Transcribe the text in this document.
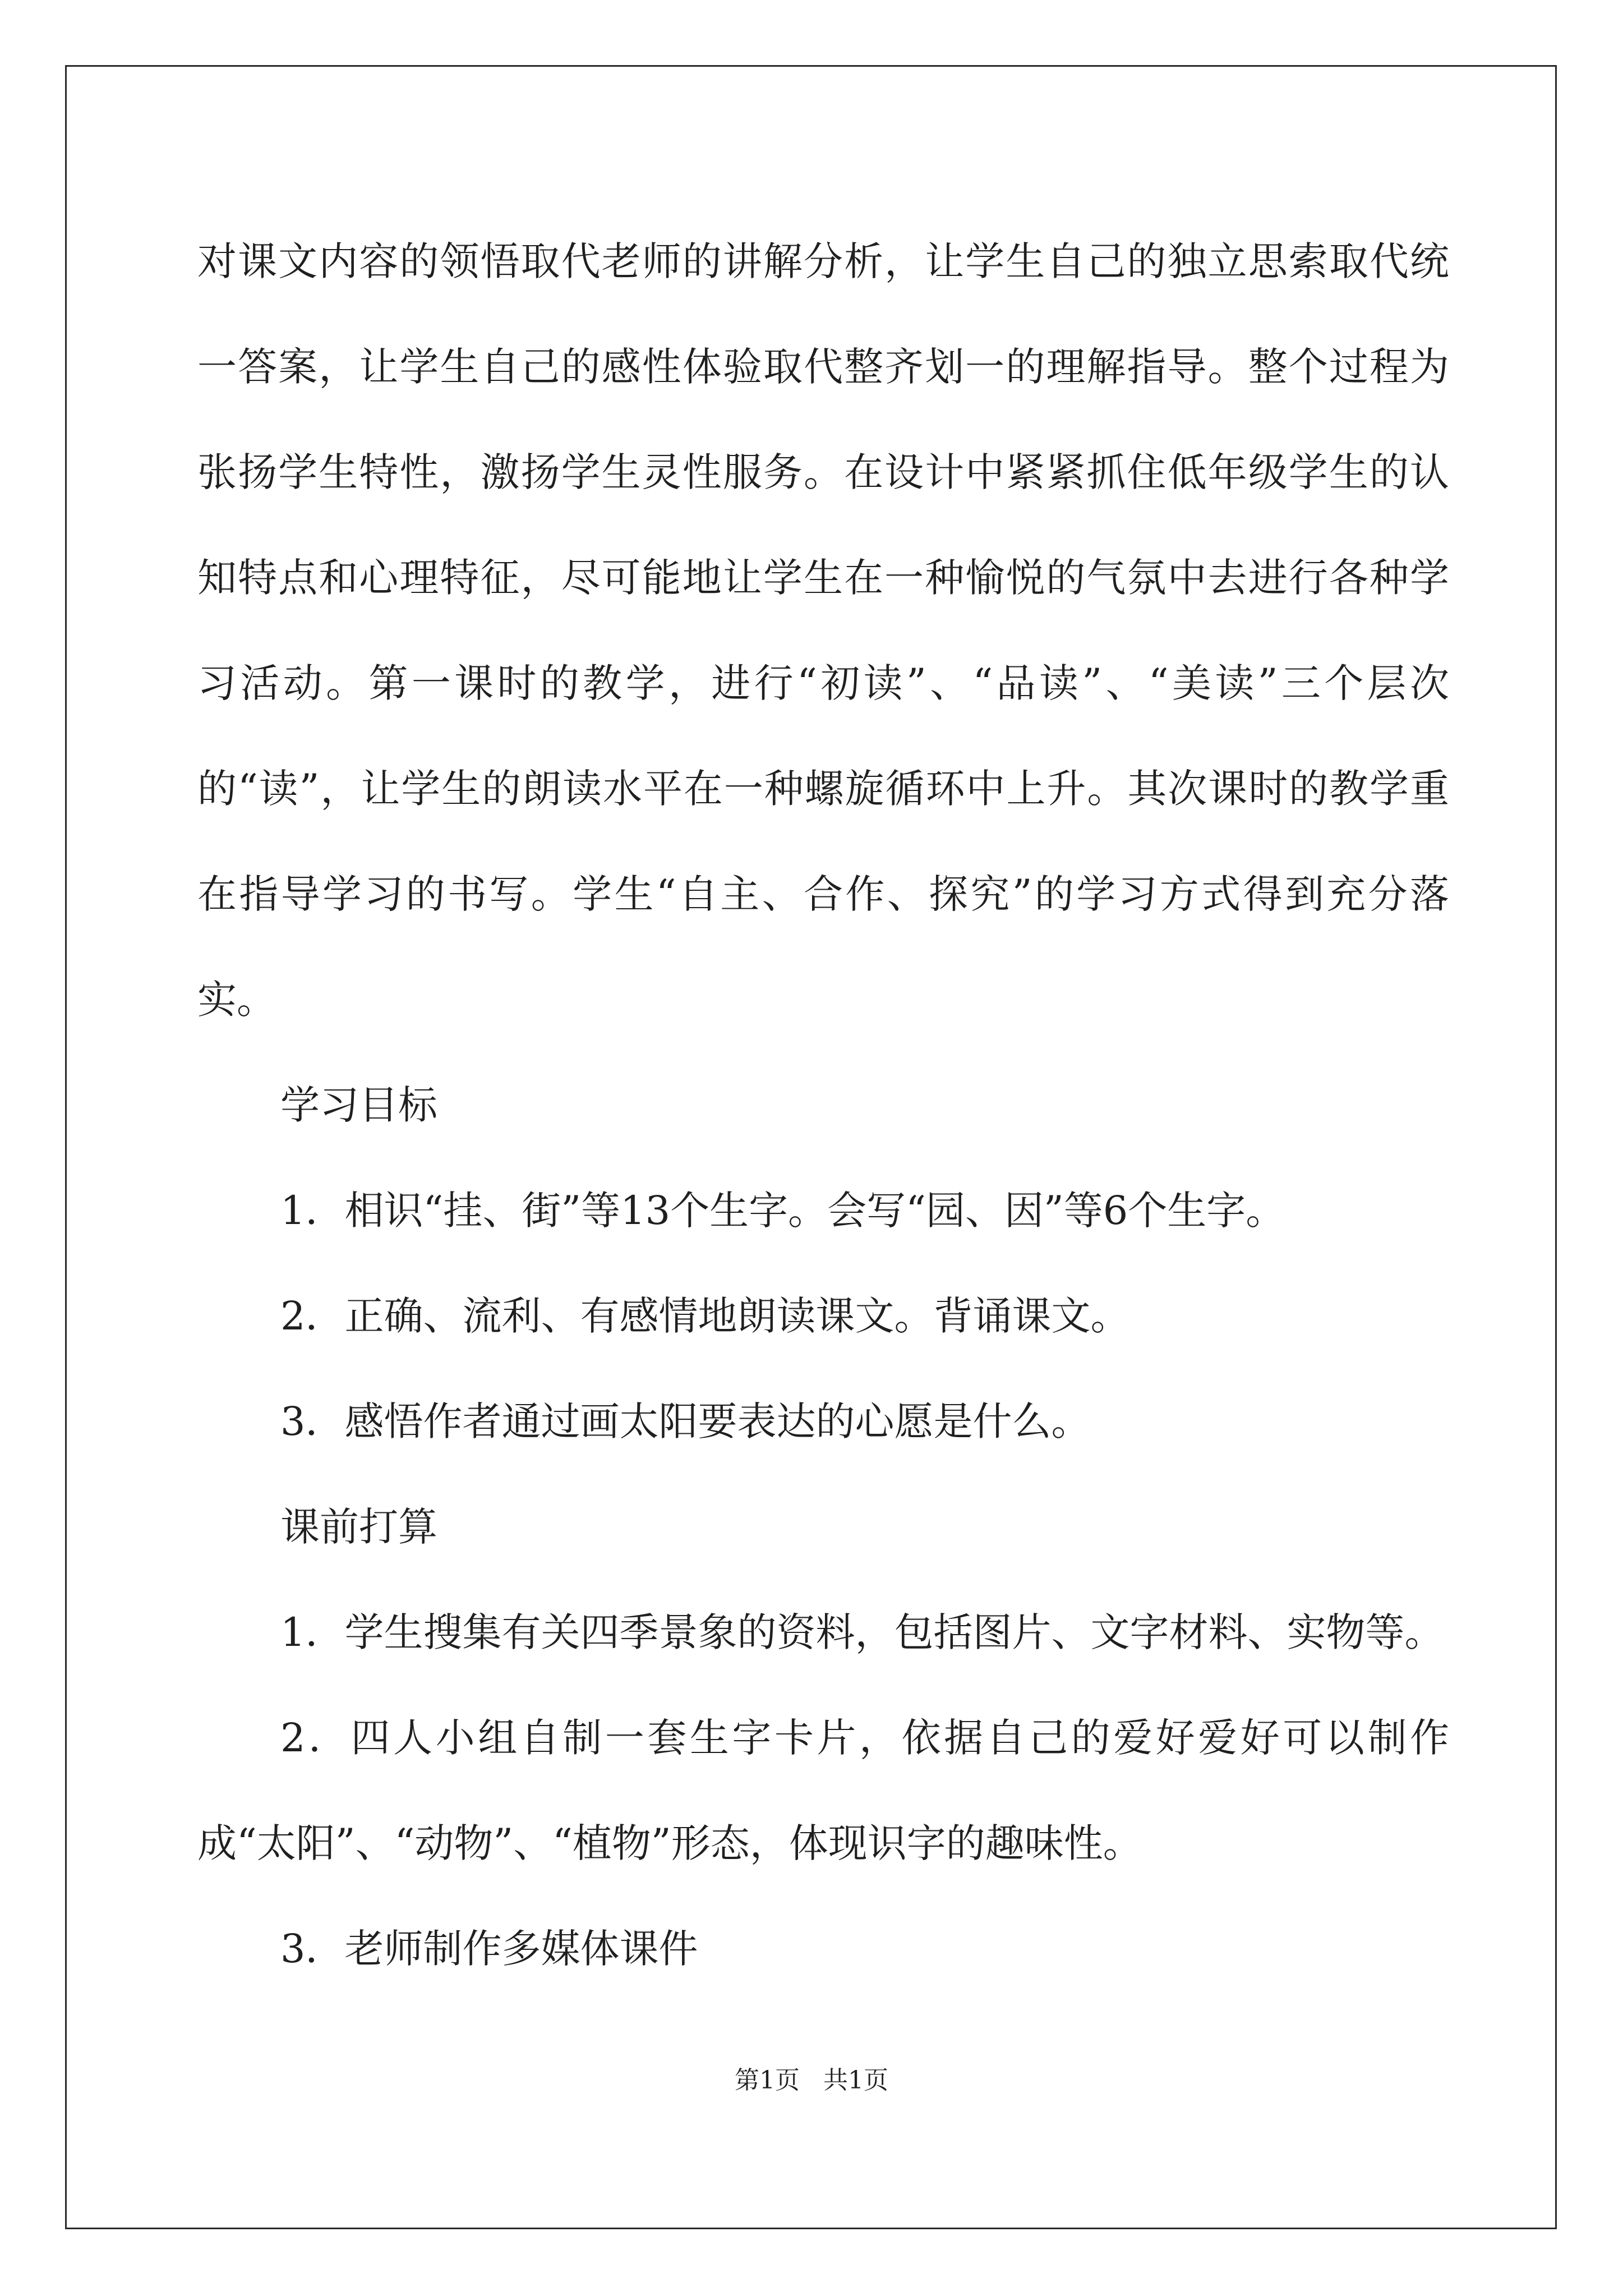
对课文内容的领悟取代老师的讲解分析，让学生自己的独立思索取代统一答案，让学生自己的感性体验取代整齐划一的理解指导。整个过程为张扬学生特性，激扬学生灵性服务。在设计中紧紧抓住低年级学生的认知特点和心理特征，尽可能地让学生在一种愉悦的气氛中去进行各种学习活动。第一课时的教学，进行“初读”、“品读”、“美读”三个层次的“读”，让学生的朗读水平在一种螺旋循环中上升。其次课时的教学重在指导学习的书写。学生“自主、合作、探究”的学习方式得到充分落实。

学习目标

1．相识“挂、街”等13个生字。会写“园、因”等6个生字。

2．正确、流利、有感情地朗读课文。背诵课文。

3．感悟作者通过画太阳要表达的心愿是什么。

课前打算

1．学生搜集有关四季景象的资料，包括图片、文字材料、实物等。

2．四人小组自制一套生字卡片，依据自己的爱好爱好可以制作成“太阳”、“动物”、“植物”形态，体现识字的趣味性。

3．老师制作多媒体课件

第1页   共1页
